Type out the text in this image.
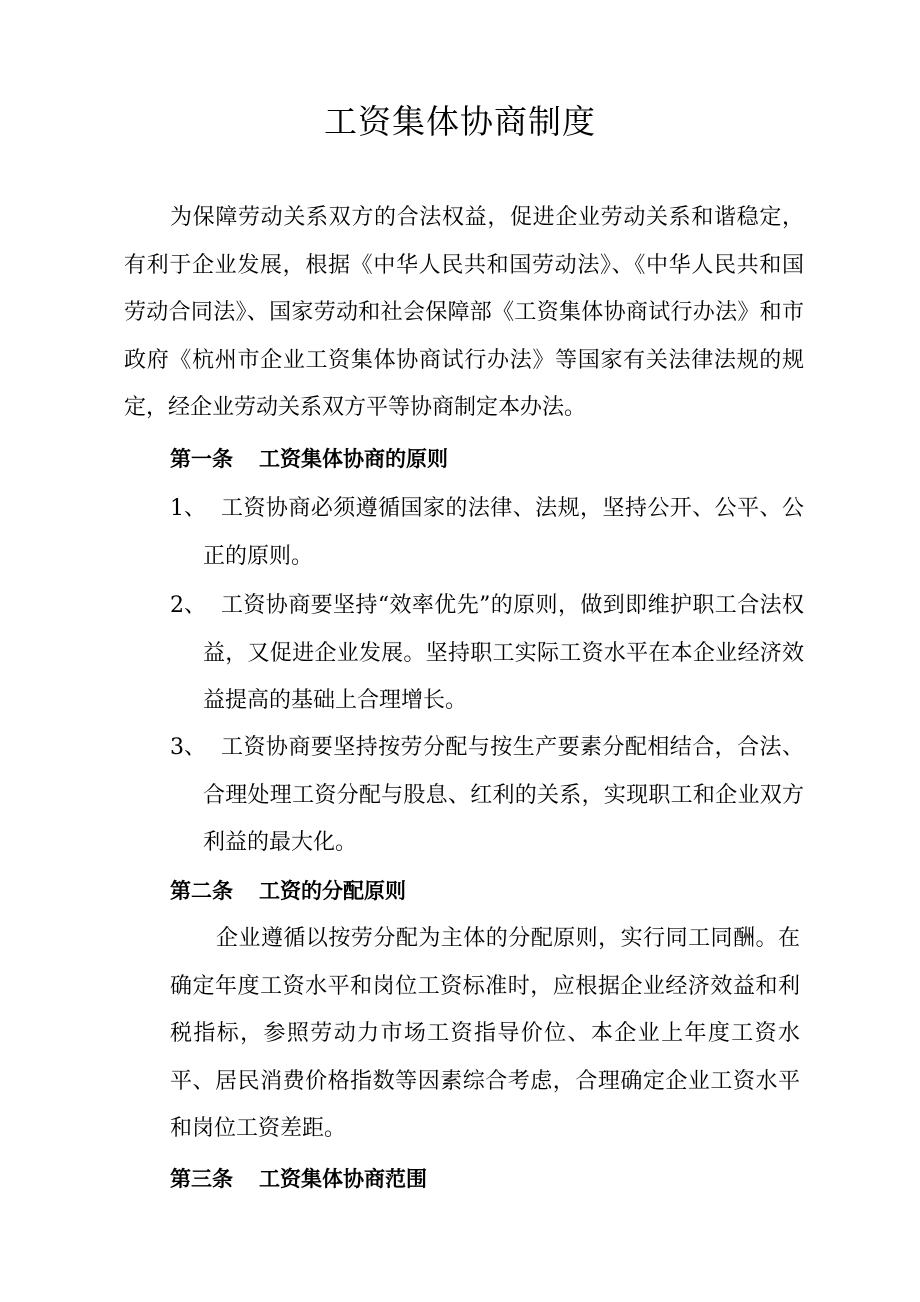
工资集体协商制度

为保障劳动关系双方的合法权益，促进企业劳动关系和谐稳定，有利于企业发展，根据《中华人民共和国劳动法》、《中华人民共和国劳动合同法》、国家劳动和社会保障部《工资集体协商试行办法》和市政府《杭州市企业工资集体协商试行办法》等国家有关法律法规的规定，经企业劳动关系双方平等协商制定本办法。

第一条 工资集体协商的原则
1、 工资协商必须遵循国家的法律、法规，坚持公开、公平、公正的原则。
2、 工资协商要坚持“效率优先”的原则，做到即维护职工合法权益，又促进企业发展。坚持职工实际工资水平在本企业经济效益提高的基础上合理增长。
3、 工资协商要坚持按劳分配与按生产要素分配相结合，合法、合理处理工资分配与股息、红利的关系，实现职工和企业双方利益的最大化。
第二条 工资的分配原则

企业遵循以按劳分配为主体的分配原则，实行同工同酬。在确定年度工资水平和岗位工资标准时，应根据企业经济效益和利税指标，参照劳动力市场工资指导价位、本企业上年度工资水平、居民消费价格指数等因素综合考虑，合理确定企业工资水平和岗位工资差距。

第三条 工资集体协商范围
